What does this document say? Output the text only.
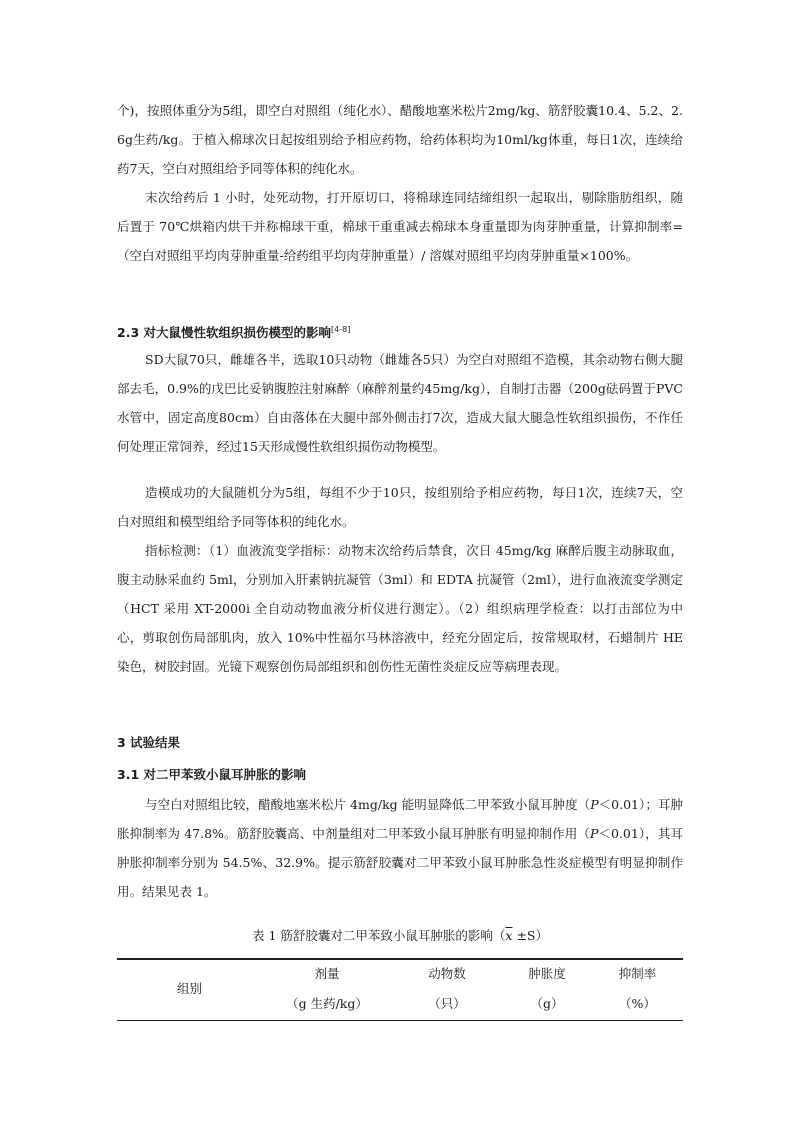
个)，按照体重分为5组，即空白对照组（纯化水）、醋酸地塞米松片2mg/kg、筋舒胶囊10.4、5.2、2.6g生药/kg。于植入棉球次日起按组别给予相应药物，给药体积均为10ml/kg体重，每日1次，连续给药7天，空白对照组给予同等体积的纯化水。

末次给药后 1 小时，处死动物，打开原切口，将棉球连同结缔组织一起取出，剔除脂肪组织，随后置于 70℃烘箱内烘干并称棉球干重，棉球干重重减去棉球本身重量即为肉芽肿重量，计算抑制率=（空白对照组平均肉芽肿重量-给药组平均肉芽肿重量）/ 溶媒对照组平均肉芽肿重量×100%。

2.3 对大鼠慢性软组织损伤模型的影响[4-8]

SD大鼠70只，雌雄各半，选取10只动物（雌雄各5只）为空白对照组不造模，其余动物右侧大腿部去毛，0.9%的戊巴比妥钠腹腔注射麻醉（麻醉剂量约45mg/kg），自制打击器（200g砝码置于PVC水管中，固定高度80cm）自由落体在大腿中部外侧击打7次，造成大鼠大腿急性软组织损伤，不作任何处理正常饲养，经过15天形成慢性软组织损伤动物模型。

造模成功的大鼠随机分为5组，每组不少于10只，按组别给予相应药物，每日1次，连续7天，空白对照组和模型组给予同等体积的纯化水。

指标检测：（1）血液流变学指标：动物末次给药后禁食，次日 45mg/kg 麻醉后腹主动脉取血，腹主动脉采血约 5ml，分别加入肝素钠抗凝管（3ml）和 EDTA 抗凝管（2ml），进行血液流变学测定（HCT 采用 XT-2000i 全自动动物血液分析仪进行测定）。（2）组织病理学检查：以打击部位为中心，剪取创伤局部肌肉，放入 10%中性福尔马林溶液中，经充分固定后，按常规取材，石蜡制片 HE 染色，树胶封固。光镜下观察创伤局部组织和创伤性无菌性炎症反应等病理表现。

3 试验结果
3.1 对二甲苯致小鼠耳肿胀的影响

与空白对照组比较，醋酸地塞米松片 4mg/kg 能明显降低二甲苯致小鼠耳肿度（P＜0.01）；耳肿胀抑制率为 47.8%。筋舒胶囊高、中剂量组对二甲苯致小鼠耳肿胀有明显抑制作用（P＜0.01），其耳肿胀抑制率分别为 54.5%、32.9%。提示筋舒胶囊对二甲苯致小鼠耳肿胀急性炎症模型有明显抑制作用。结果见表 1。

表 1 筋舒胶囊对二甲苯致小鼠耳肿胀的影响$(\overline{x} \pm S)$
组别
剂量
（g 生药/kg）
动物数
（只）
肿胀度
（g）
抑制率
（%）
